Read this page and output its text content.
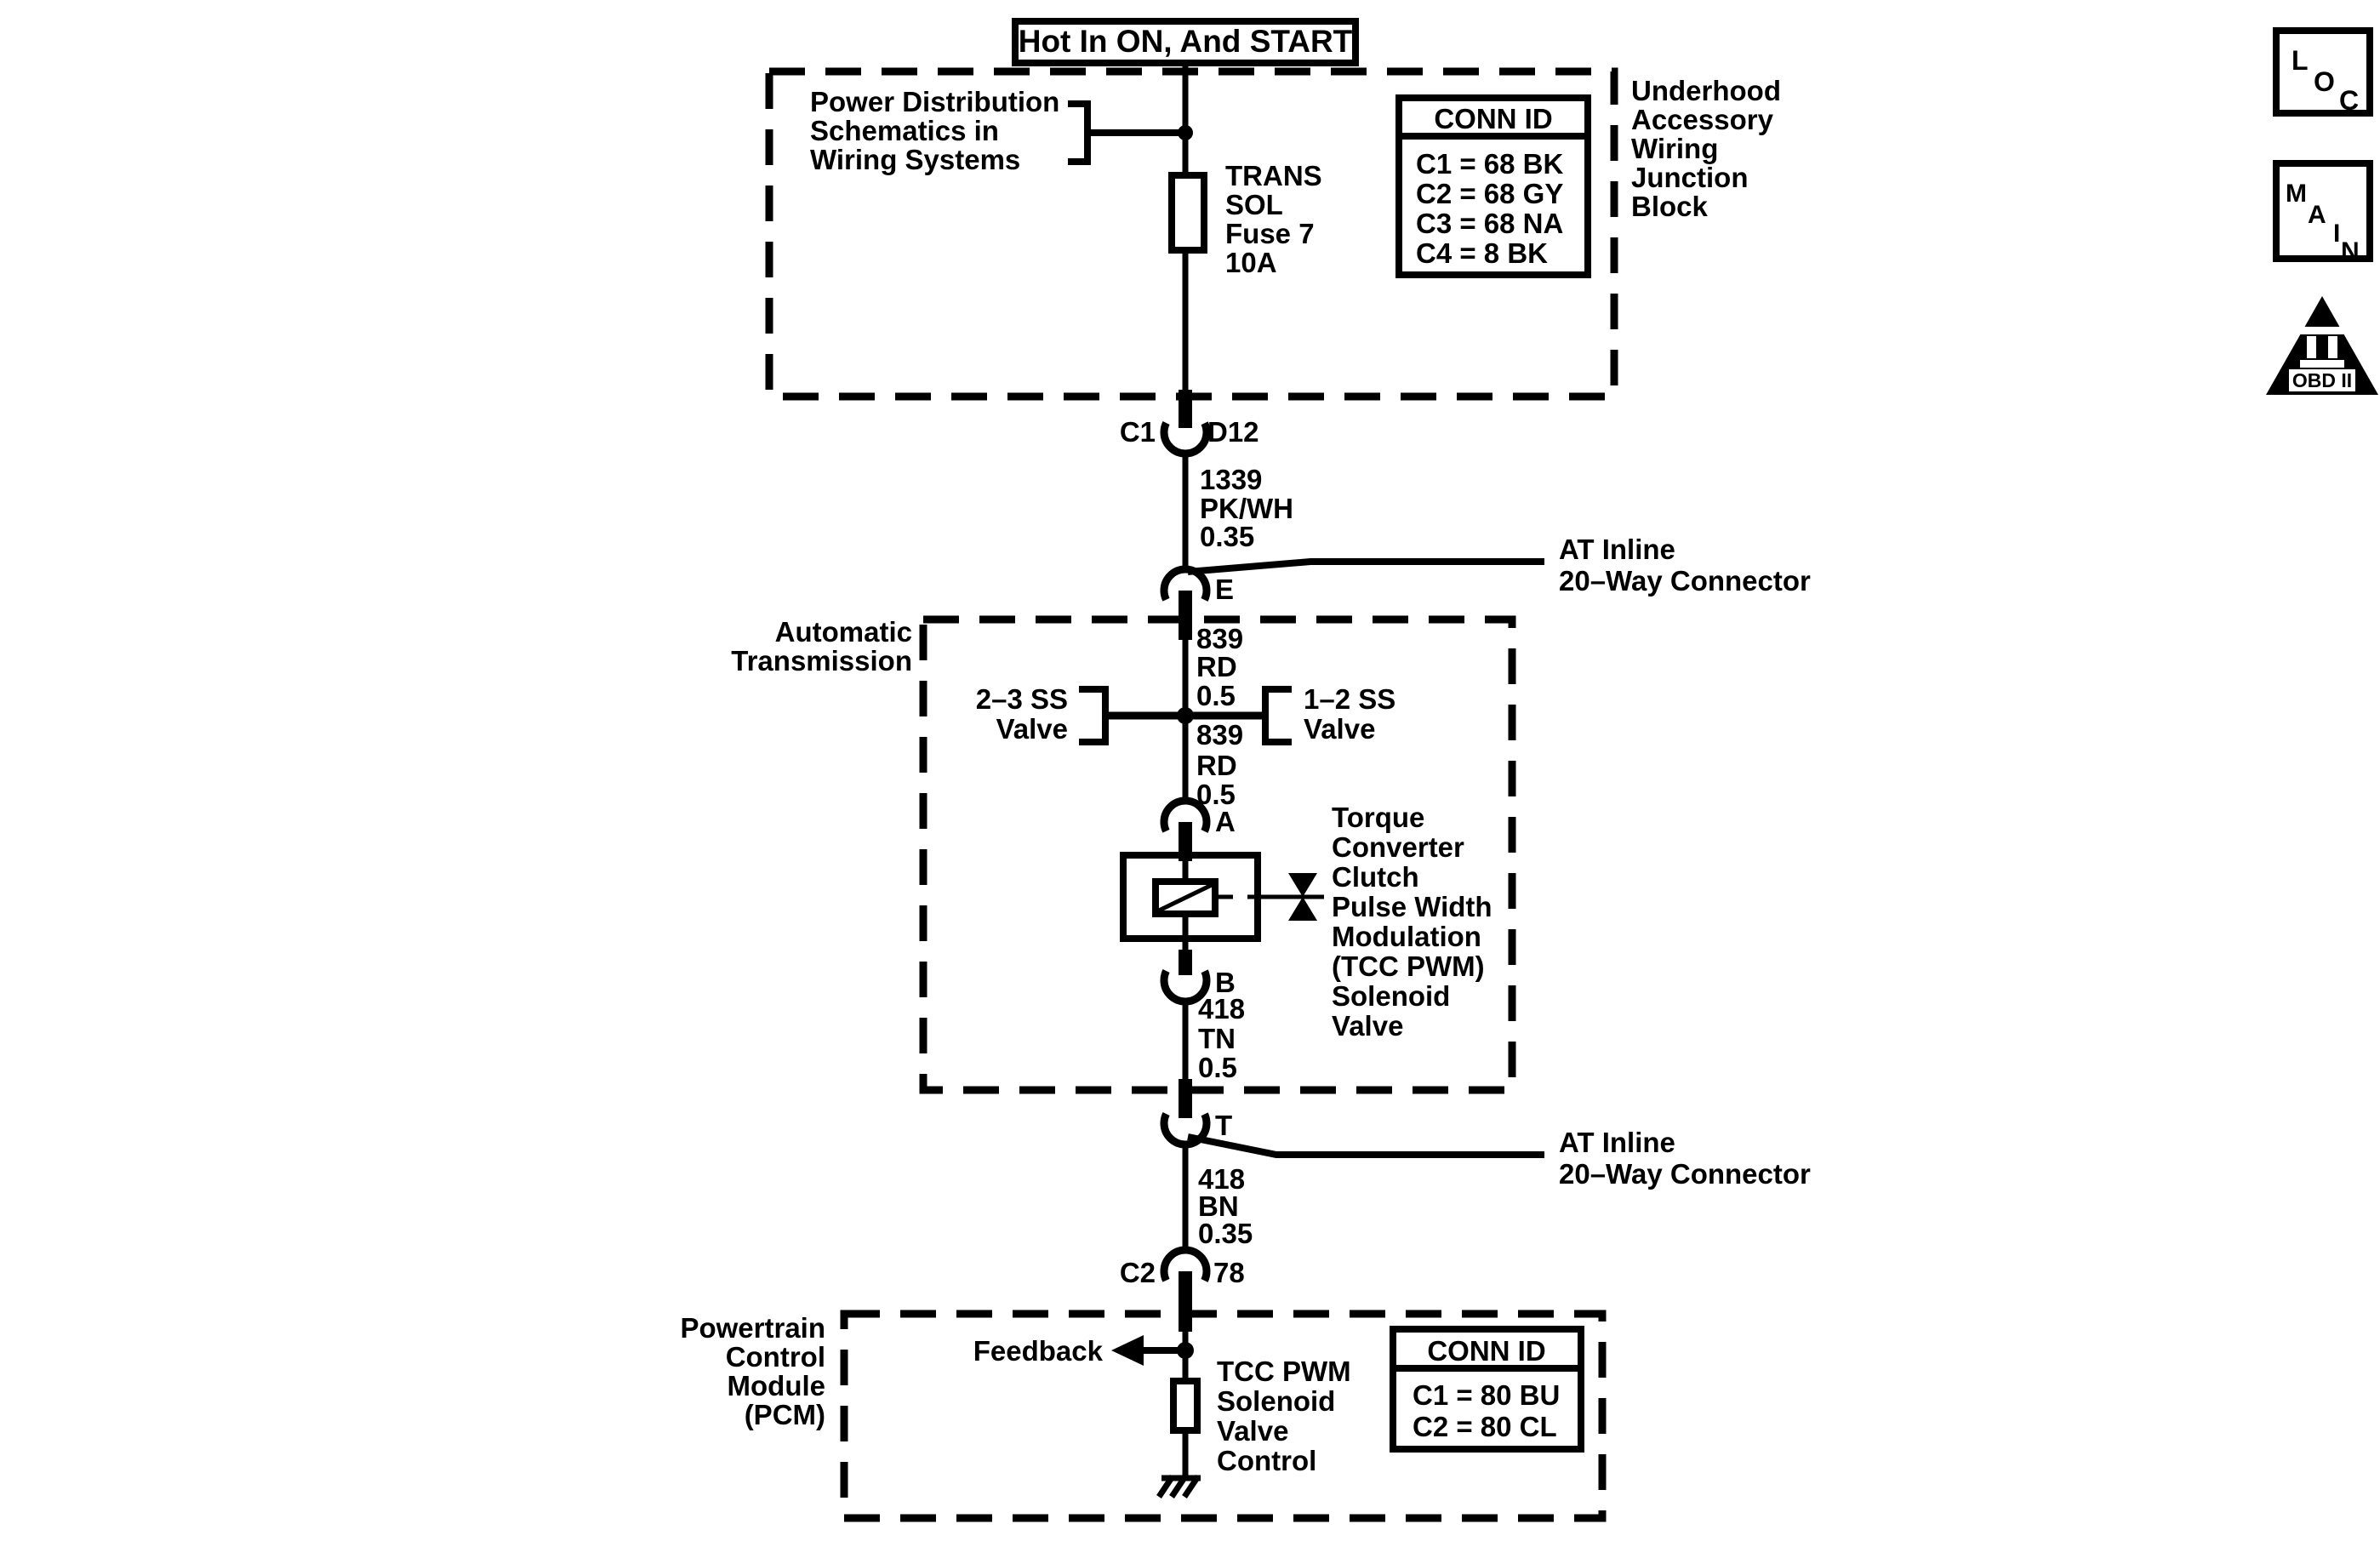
Hot In ON, And START
Power Distribution
Schematics in
Wiring Systems
TRANS
SOL
Fuse 7
10A
CONN ID
C1 = 68 BK
C2 = 68 GY
C3 = 68 NA
C4 = 8 BK
Underhood
Accessory
Wiring
Junction
Block
L
O
C
M
A
I
N
OBD II
C1 D12
1339
PK/WH
0.35
E
AT Inline
20–Way Connector
Automatic
Transmission
839
RD
0.5
2–3 SS
Valve
1–2 SS
Valve
839
RD
0.5
A	Torque
Converter
Clutch
Pulse Width
Modulation
(TCC PWM)
Solenoid
Valve
B
418
TN
0.5
T
AT Inline
20–Way Connector
418
BN
0.35
C2 78
Powertrain
Control
Module
(PCM)
Feedback
TCC PWM
Solenoid
Valve
Control
CONN ID
C1 = 80 BU
C2 = 80 CL
